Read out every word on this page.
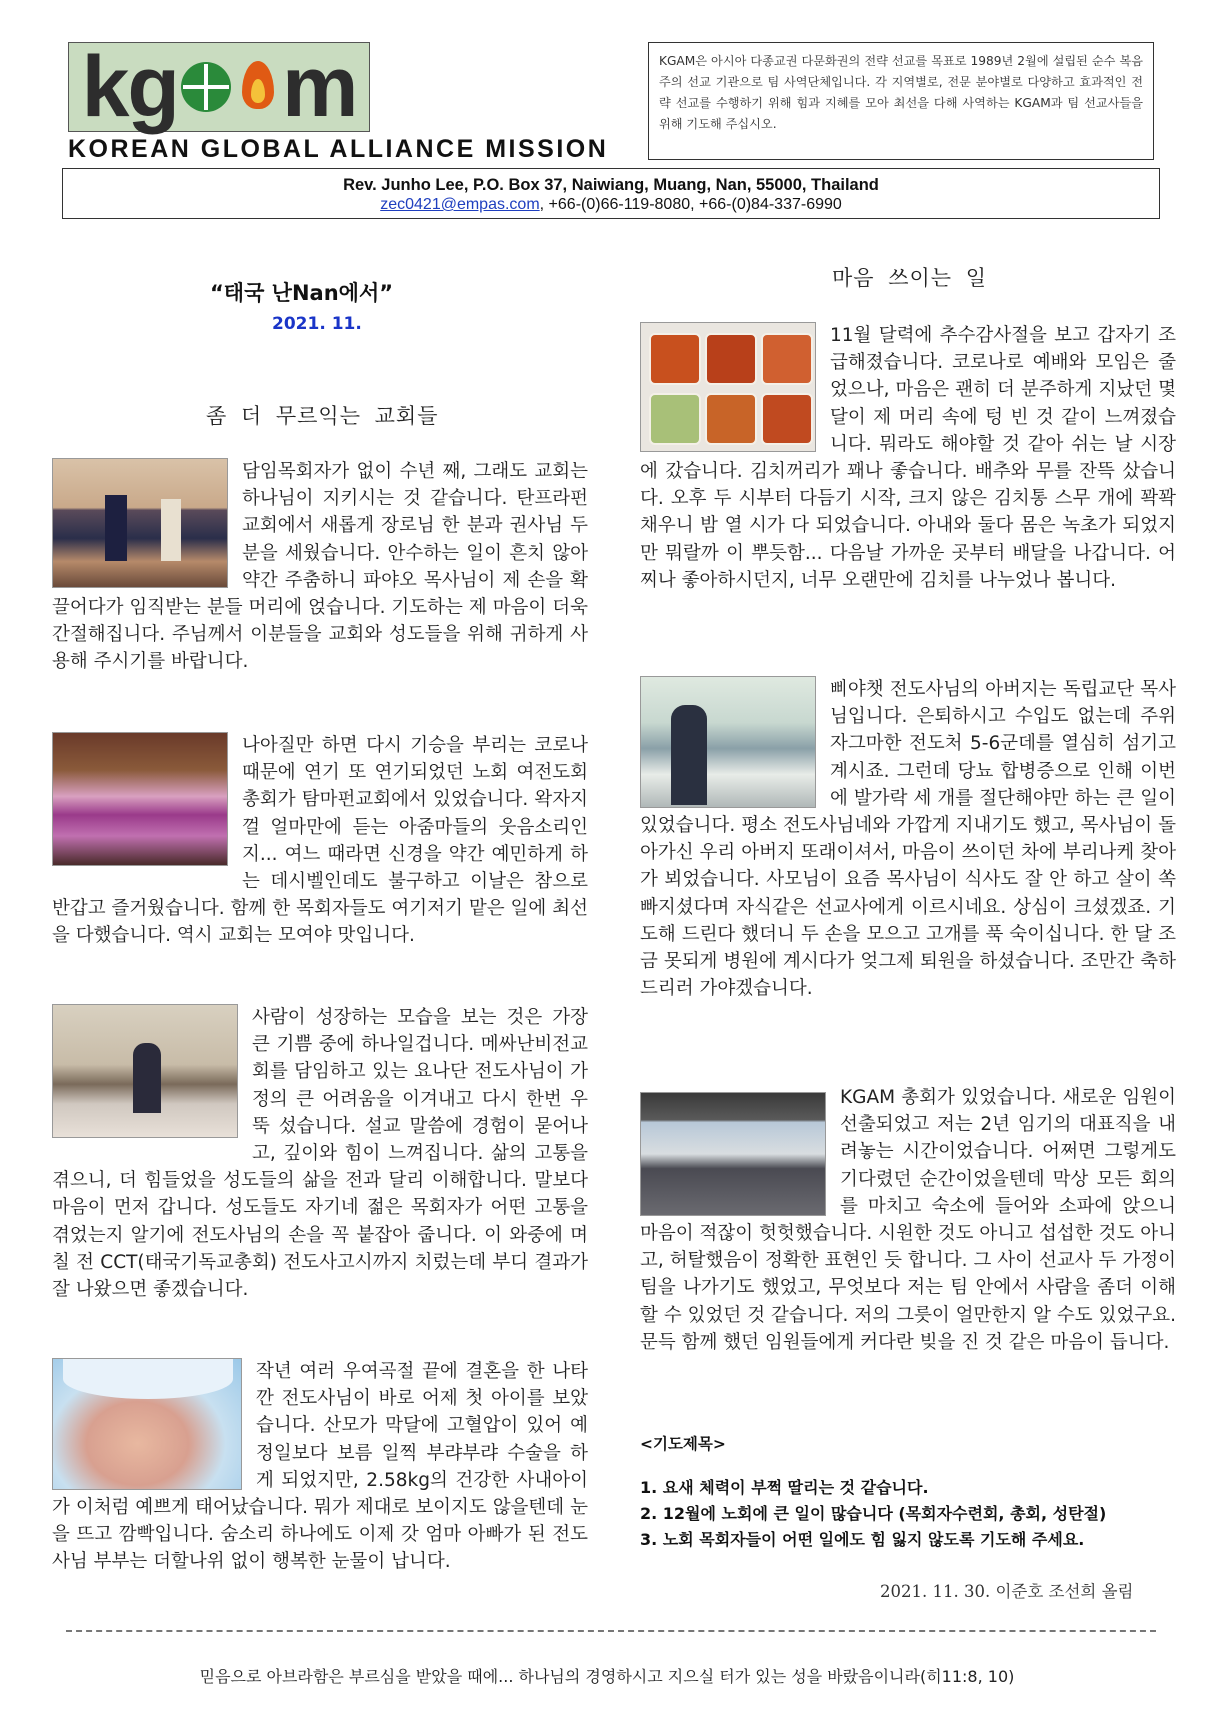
kg m
KOREAN GLOBAL ALLIANCE MISSION
KGAM은 아시아 다종교권 다문화권의 전략 선교를 목표로 1989년 2월에 설립된 순수 복음주의 선교 기관으로 팀 사역단체입니다. 각 지역별로, 전문 분야별로 다양하고 효과적인 전략 선교를 수행하기 위해 힘과 지혜를 모아 최선을 다해 사역하는 KGAM과 팀 선교사들을 위해 기도해 주십시오.
Rev. Junho Lee, P.O. Box 37, Naiwiang, Muang, Nan, 55000, Thailand
zec0421@empas.com, +66-(0)66-119-8080, +66-(0)84-337-6990
“태국 난Nan에서”
2021. 11.
좀 더 무르익는 교회들

담임목회자가 없이 수년 째, 그래도 교회는 하나님이 지키시는 것 같습니다. 탄프라펀교회에서 새롭게 장로님 한 분과 권사님 두 분을 세웠습니다. 안수하는 일이 흔치 않아 약간 주춤하니 파야오 목사님이 제 손을 확 끌어다가 임직받는 분들 머리에 얹습니다. 기도하는 제 마음이 더욱 간절해집니다. 주님께서 이분들을 교회와 성도들을 위해 귀하게 사용해 주시기를 바랍니다.

나아질만 하면 다시 기승을 부리는 코로나 때문에 연기 또 연기되었던 노회 여전도회 총회가 탐마펀교회에서 있었습니다. 왁자지껄 얼마만에 듣는 아줌마들의 웃음소리인지... 여느 때라면 신경을 약간 예민하게 하는 데시벨인데도 불구하고 이날은 참으로 반갑고 즐거웠습니다. 함께 한 목회자들도 여기저기 맡은 일에 최선을 다했습니다. 역시 교회는 모여야 맛입니다.

사람이 성장하는 모습을 보는 것은 가장 큰 기쁨 중에 하나일겁니다. 메싸난비전교회를 담임하고 있는 요나단 전도사님이 가정의 큰 어려움을 이겨내고 다시 한번 우뚝 섰습니다. 설교 말씀에 경험이 묻어나고, 깊이와 힘이 느껴집니다. 삶의 고통을 겪으니, 더 힘들었을 성도들의 삶을 전과 달리 이해합니다. 말보다 마음이 먼저 갑니다. 성도들도 자기네 젊은 목회자가 어떤 고통을 겪었는지 알기에 전도사님의 손을 꼭 붙잡아 줍니다. 이 와중에 며칠 전 CCT(태국기독교총회) 전도사고시까지 치렀는데 부디 결과가 잘 나왔으면 좋겠습니다.

작년 여러 우여곡절 끝에 결혼을 한 나타깐 전도사님이 바로 어제 첫 아이를 보았습니다. 산모가 막달에 고혈압이 있어 예정일보다 보름 일찍 부랴부랴 수술을 하게 되었지만, 2.58kg의 건강한 사내아이가 이처럼 예쁘게 태어났습니다. 뭐가 제대로 보이지도 않을텐데 눈을 뜨고 깜빡입니다. 숨소리 하나에도 이제 갓 엄마 아빠가 된 전도사님 부부는 더할나위 없이 행복한 눈물이 납니다.

마음 쓰이는 일

11월 달력에 추수감사절을 보고 갑자기 조급해졌습니다. 코로나로 예배와 모임은 줄었으나, 마음은 괜히 더 분주하게 지났던 몇 달이 제 머리 속에 텅 빈 것 같이 느껴졌습니다. 뭐라도 해야할 것 같아 쉬는 날 시장에 갔습니다. 김치꺼리가 꽤나 좋습니다. 배추와 무를 잔뜩 샀습니다. 오후 두 시부터 다듬기 시작, 크지 않은 김치통 스무 개에 꽉꽉 채우니 밤 열 시가 다 되었습니다. 아내와 둘다 몸은 녹초가 되었지만 뭐랄까 이 뿌듯함... 다음날 가까운 곳부터 배달을 나갑니다. 어찌나 좋아하시던지, 너무 오랜만에 김치를 나누었나 봅니다.

삐야챗 전도사님의 아버지는 독립교단 목사님입니다. 은퇴하시고 수입도 없는데 주위 자그마한 전도처 5-6군데를 열심히 섬기고 계시죠. 그런데 당뇨 합병증으로 인해 이번에 발가락 세 개를 절단해야만 하는 큰 일이 있었습니다. 평소 전도사님네와 가깝게 지내기도 했고, 목사님이 돌아가신 우리 아버지 또래이셔서, 마음이 쓰이던 차에 부리나케 찾아가 뵈었습니다. 사모님이 요즘 목사님이 식사도 잘 안 하고 살이 쏙 빠지셨다며 자식같은 선교사에게 이르시네요. 상심이 크셨겠죠. 기도해 드린다 했더니 두 손을 모으고 고개를 푹 숙이십니다. 한 달 조금 못되게 병원에 계시다가 엊그제 퇴원을 하셨습니다. 조만간 축하드리러 가야겠습니다.

KGAM 총회가 있었습니다. 새로운 임원이 선출되었고 저는 2년 임기의 대표직을 내려놓는 시간이었습니다. 어쩌면 그렇게도 기다렸던 순간이었을텐데 막상 모든 회의를 마치고 숙소에 들어와 소파에 앉으니 마음이 적잖이 헛헛했습니다. 시원한 것도 아니고 섭섭한 것도 아니고, 허탈했음이 정확한 표현인 듯 합니다. 그 사이 선교사 두 가정이 팀을 나가기도 했었고, 무엇보다 저는 팀 안에서 사람을 좀더 이해할 수 있었던 것 같습니다. 저의 그릇이 얼만한지 알 수도 있었구요. 문득 함께 했던 임원들에게 커다란 빚을 진 것 같은 마음이 듭니다.

<기도제목>
1. 요새 체력이 부쩍 딸리는 것 같습니다.
2. 12월에 노회에 큰 일이 많습니다 (목회자수련회, 총회, 성탄절)
3. 노회 목회자들이 어떤 일에도 힘 잃지 않도록 기도해 주세요.
2021. 11. 30. 이준호 조선희 올림
믿음으로 아브라함은 부르심을 받았을 때에... 하나님의 경영하시고 지으실 터가 있는 성을 바랐음이니라(히11:8, 10)
